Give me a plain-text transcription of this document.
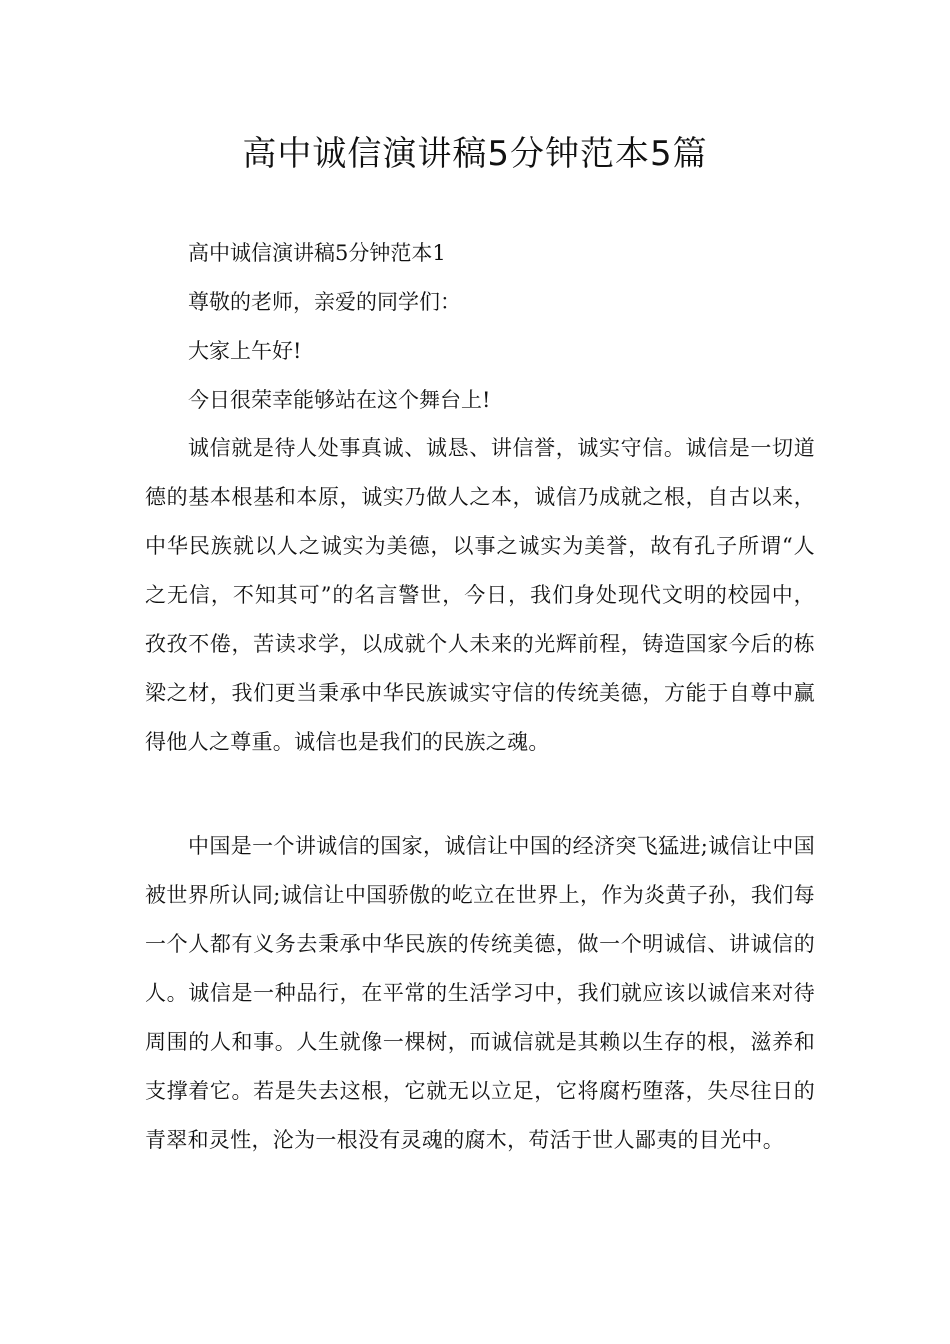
高中诚信演讲稿5分钟范本5篇

高中诚信演讲稿5分钟范本1

尊敬的老师，亲爱的同学们：

大家上午好!

今日很荣幸能够站在这个舞台上!

诚信就是待人处事真诚、诚恳、讲信誉，诚实守信。诚信是一切道德的基本根基和本原，诚实乃做人之本，诚信乃成就之根，自古以来，中华民族就以人之诚实为美德，以事之诚实为美誉，故有孔子所谓“人之无信，不知其可”的名言警世，今日，我们身处现代文明的校园中，孜孜不倦，苦读求学，以成就个人未来的光辉前程，铸造国家今后的栋梁之材，我们更当秉承中华民族诚实守信的传统美德，方能于自尊中赢得他人之尊重。诚信也是我们的民族之魂。

中国是一个讲诚信的国家，诚信让中国的经济突飞猛进;诚信让中国被世界所认同;诚信让中国骄傲的屹立在世界上，作为炎黄子孙，我们每一个人都有义务去秉承中华民族的传统美德，做一个明诚信、讲诚信的人。诚信是一种品行，在平常的生活学习中，我们就应该以诚信来对待周围的人和事。人生就像一棵树，而诚信就是其赖以生存的根，滋养和支撑着它。若是失去这根，它就无以立足，它将腐朽堕落，失尽往日的青翠和灵性，沦为一根没有灵魂的腐木，苟活于世人鄙夷的目光中。
